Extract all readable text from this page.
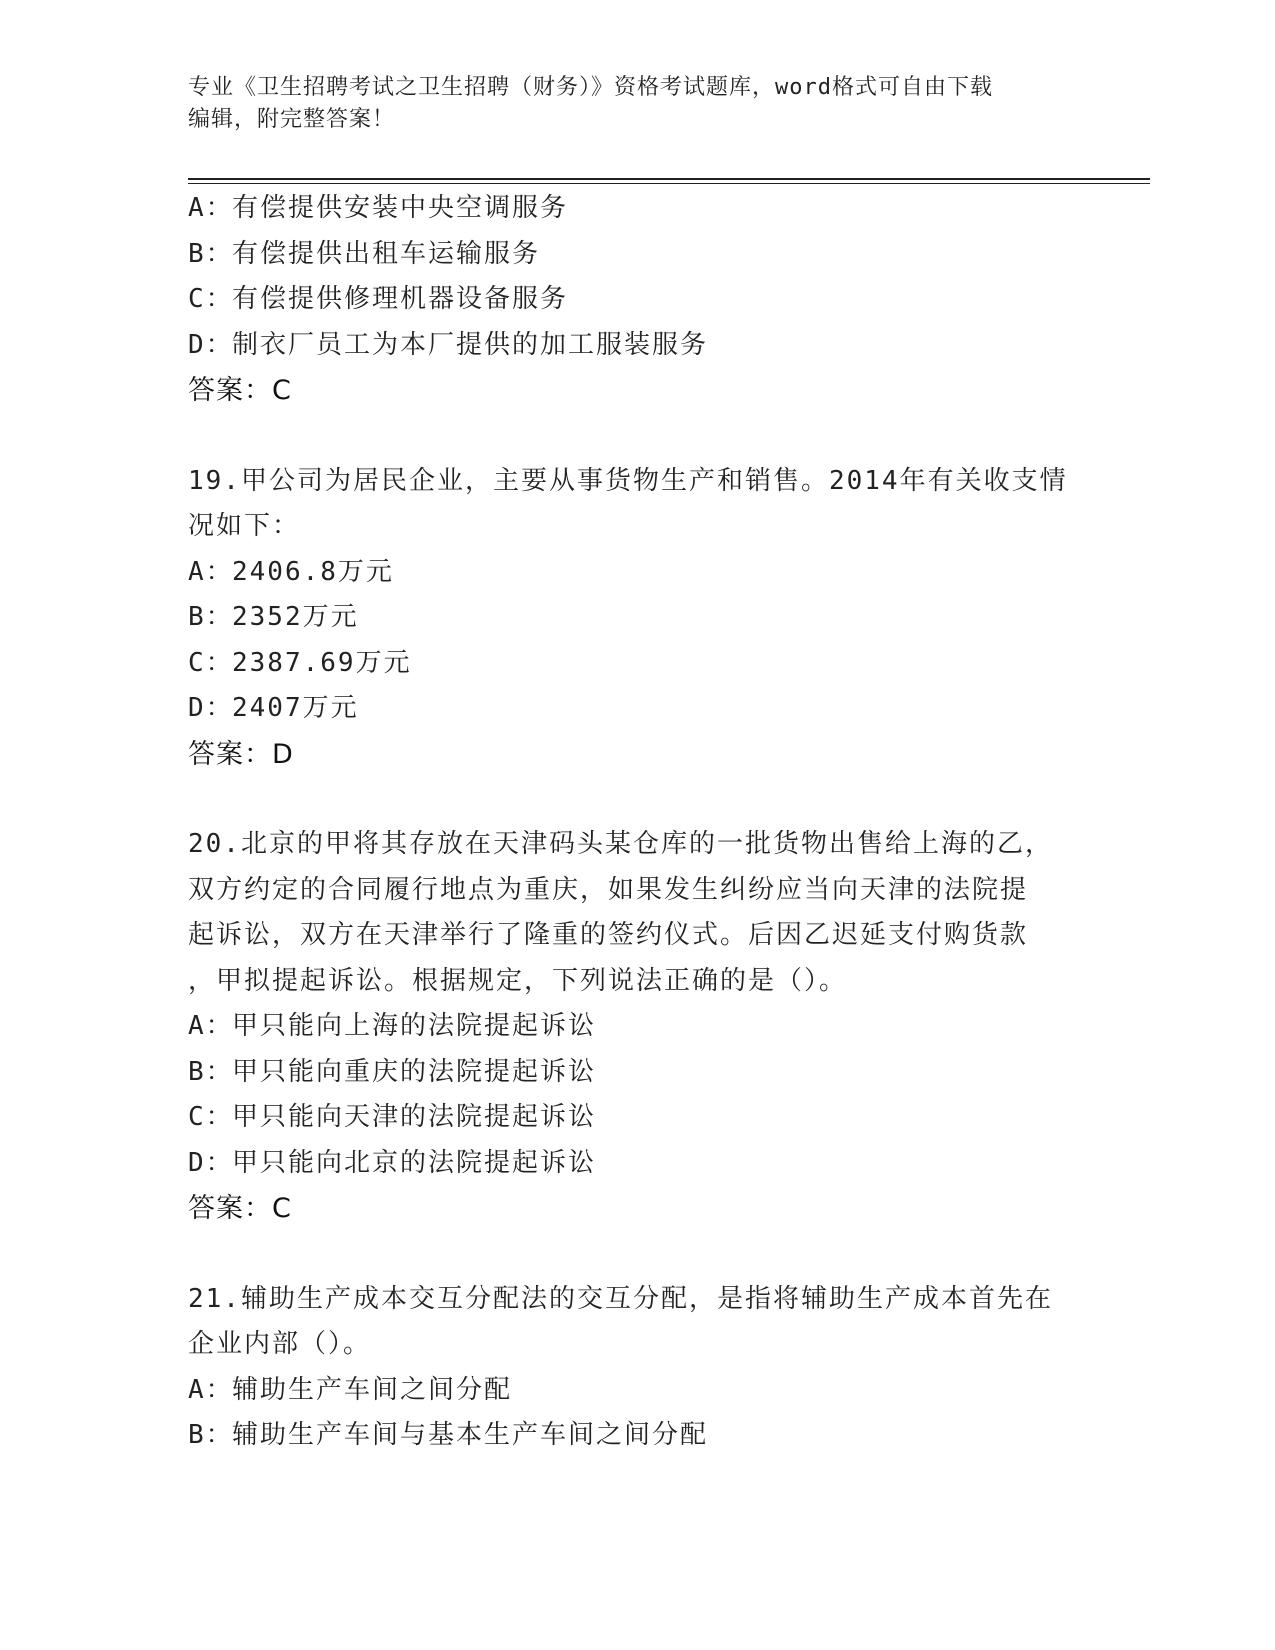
专业《卫生招聘考试之卫生招聘（财务）》资格考试题库，word格式可自由下载
编辑，附完整答案！
A：有偿提供安装中央空调服务
B：有偿提供出租车运输服务
C：有偿提供修理机器设备服务
D：制衣厂员工为本厂提供的加工服装服务
答案：C
19.甲公司为居民企业，主要从事货物生产和销售。2014年有关收支情
况如下：
A：2406.8万元
B：2352万元
C：2387.69万元
D：2407万元
答案：D
20.北京的甲将其存放在天津码头某仓库的一批货物出售给上海的乙，
双方约定的合同履行地点为重庆，如果发生纠纷应当向天津的法院提
起诉讼，双方在天津举行了隆重的签约仪式。后因乙迟延支付购货款
，甲拟提起诉讼。根据规定，下列说法正确的是（）。
A：甲只能向上海的法院提起诉讼
B：甲只能向重庆的法院提起诉讼
C：甲只能向天津的法院提起诉讼
D：甲只能向北京的法院提起诉讼
答案：C
21.辅助生产成本交互分配法的交互分配，是指将辅助生产成本首先在
企业内部（）。
A：辅助生产车间之间分配
B：辅助生产车间与基本生产车间之间分配
